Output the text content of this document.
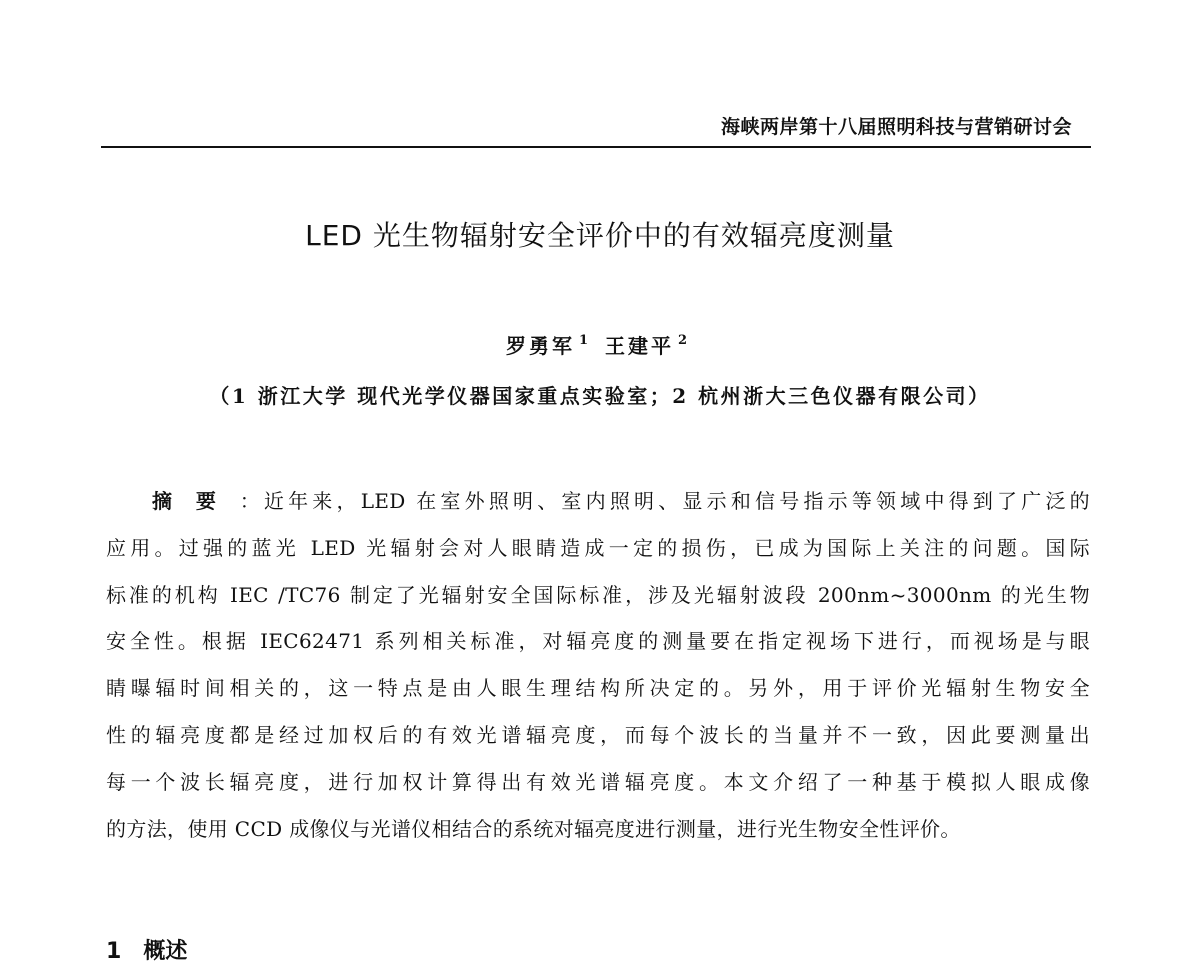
海峡两岸第十八届照明科技与营销研讨会
LED 光生物辐射安全评价中的有效辐亮度测量
罗勇军 $^1$ 王建平 $^2$
（1 浙江大学 现代光学仪器国家重点实验室；2 杭州浙大三色仪器有限公司）
摘要：近年来，LED 在室外照明、室内照明、显示和信号指示等领域中得到了广泛的
应用。过强的蓝光 LED 光辐射会对人眼睛造成一定的损伤，已成为国际上关注的问题。国际
标准的机构 IEC /TC76 制定了光辐射安全国际标准，涉及光辐射波段 200nm~3000nm 的光生物
安全性。根据 IEC62471 系列相关标准，对辐亮度的测量要在指定视场下进行，而视场是与眼
睛曝辐时间相关的，这一特点是由人眼生理结构所决定的。另外，用于评价光辐射生物安全
性的辐亮度都是经过加权后的有效光谱辐亮度，而每个波长的当量并不一致，因此要测量出
每一个波长辐亮度，进行加权计算得出有效光谱辐亮度。本文介绍了一种基于模拟人眼成像
的方法，使用 CCD 成像仪与光谱仪相结合的系统对辐亮度进行测量，进行光生物安全性评价。
1 概述
